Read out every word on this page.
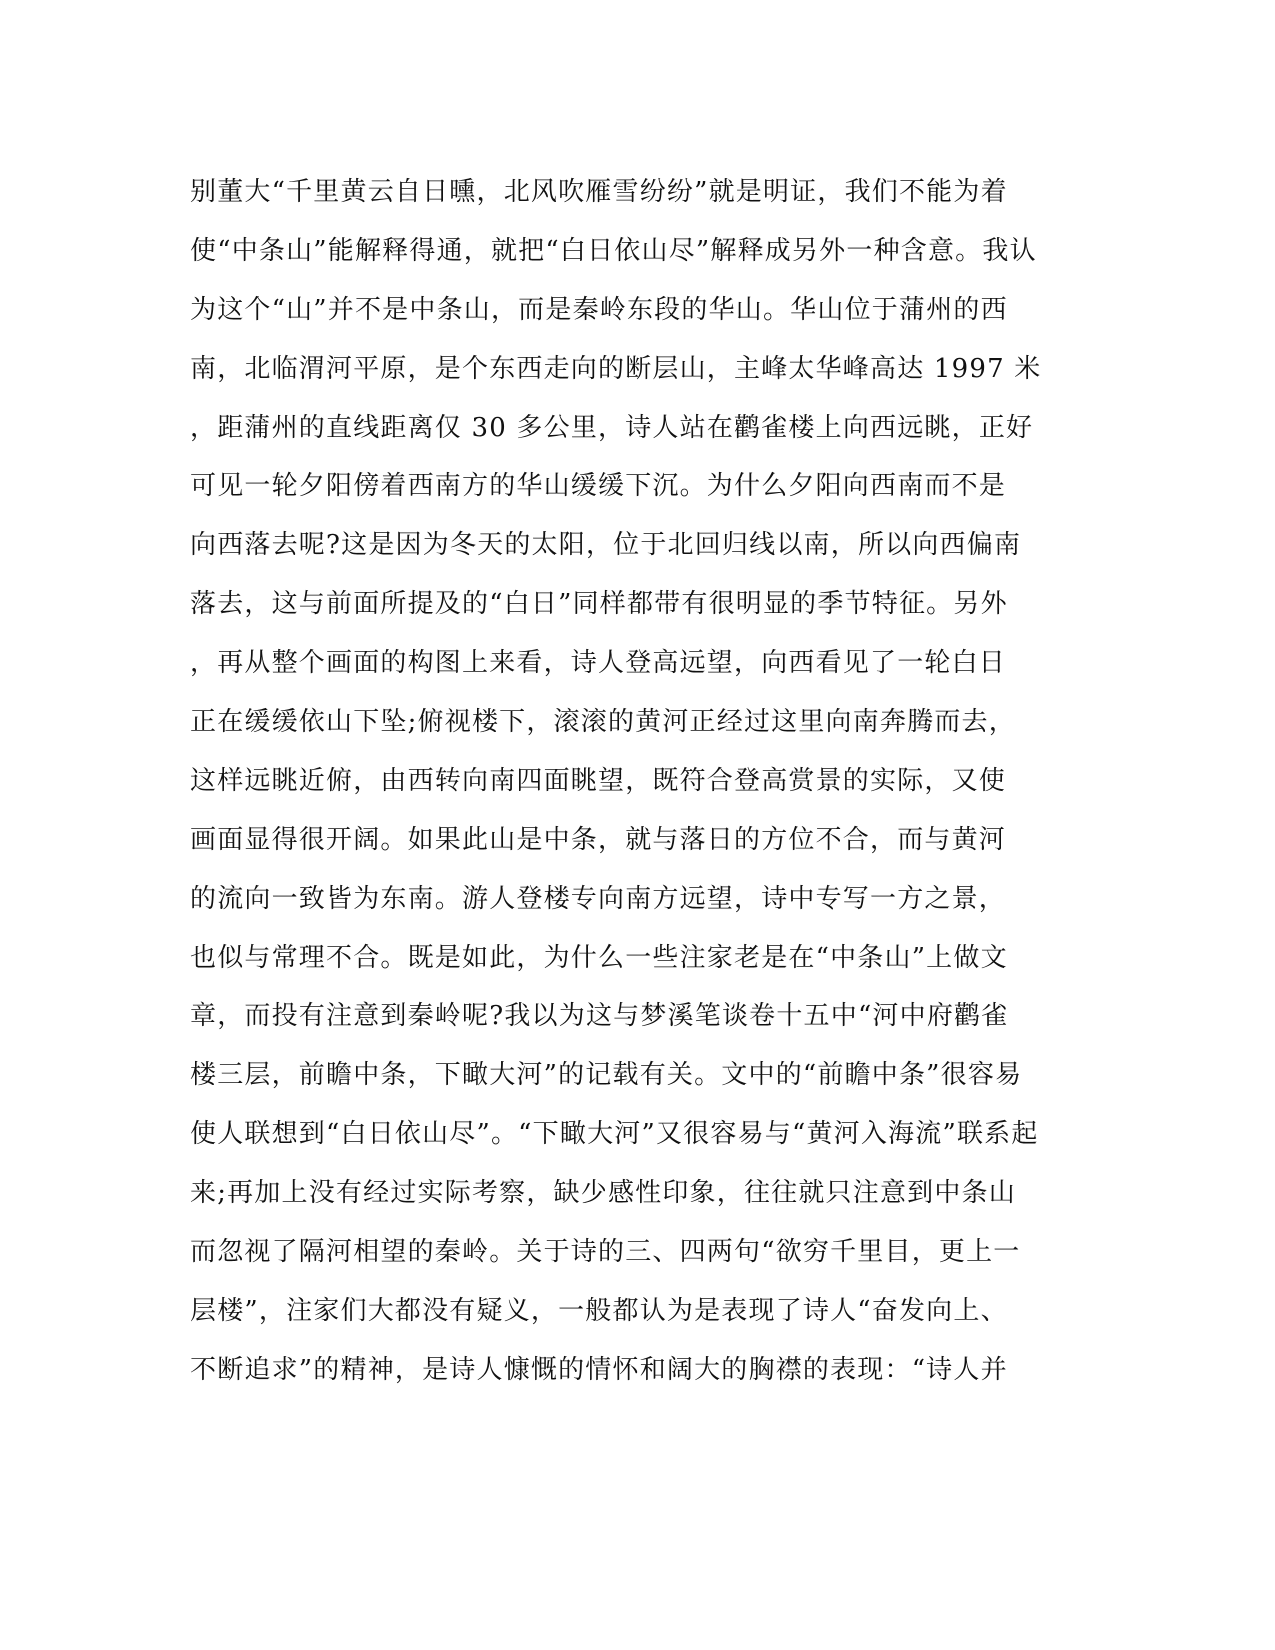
别董大“千里黄云自日曛，北风吹雁雪纷纷”就是明证，我们不能为着
使“中条山”能解释得通，就把“白日依山尽”解释成另外一种含意。我认
为这个“山”并不是中条山，而是秦岭东段的华山。华山位于蒲州的西
南，北临渭河平原，是个东西走向的断层山，主峰太华峰高达 1997 米
，距蒲州的直线距离仅 30 多公里，诗人站在鹳雀楼上向西远眺，正好
可见一轮夕阳傍着西南方的华山缓缓下沉。为什么夕阳向西南而不是
向西落去呢?这是因为冬天的太阳，位于北回归线以南，所以向西偏南
落去，这与前面所提及的“白日”同样都带有很明显的季节特征。另外
，再从整个画面的构图上来看，诗人登高远望，向西看见了一轮白日
正在缓缓依山下坠;俯视楼下，滚滚的黄河正经过这里向南奔腾而去，
这样远眺近俯，由西转向南四面眺望，既符合登高赏景的实际，又使
画面显得很开阔。如果此山是中条，就与落日的方位不合，而与黄河
的流向一致皆为东南。游人登楼专向南方远望，诗中专写一方之景，
也似与常理不合。既是如此，为什么一些注家老是在“中条山”上做文
章，而投有注意到秦岭呢?我以为这与梦溪笔谈卷十五中“河中府鹳雀
楼三层，前瞻中条，下瞰大河”的记载有关。文中的“前瞻中条”很容易
使人联想到“白日依山尽”。“下瞰大河”又很容易与“黄河入海流”联系起
来;再加上没有经过实际考察，缺少感性印象，往往就只注意到中条山
而忽视了隔河相望的秦岭。关于诗的三、四两句“欲穷千里目，更上一
层楼”，注家们大都没有疑义，一般都认为是表现了诗人“奋发向上、
不断追求”的精神，是诗人慷慨的情怀和阔大的胸襟的表现：“诗人并
